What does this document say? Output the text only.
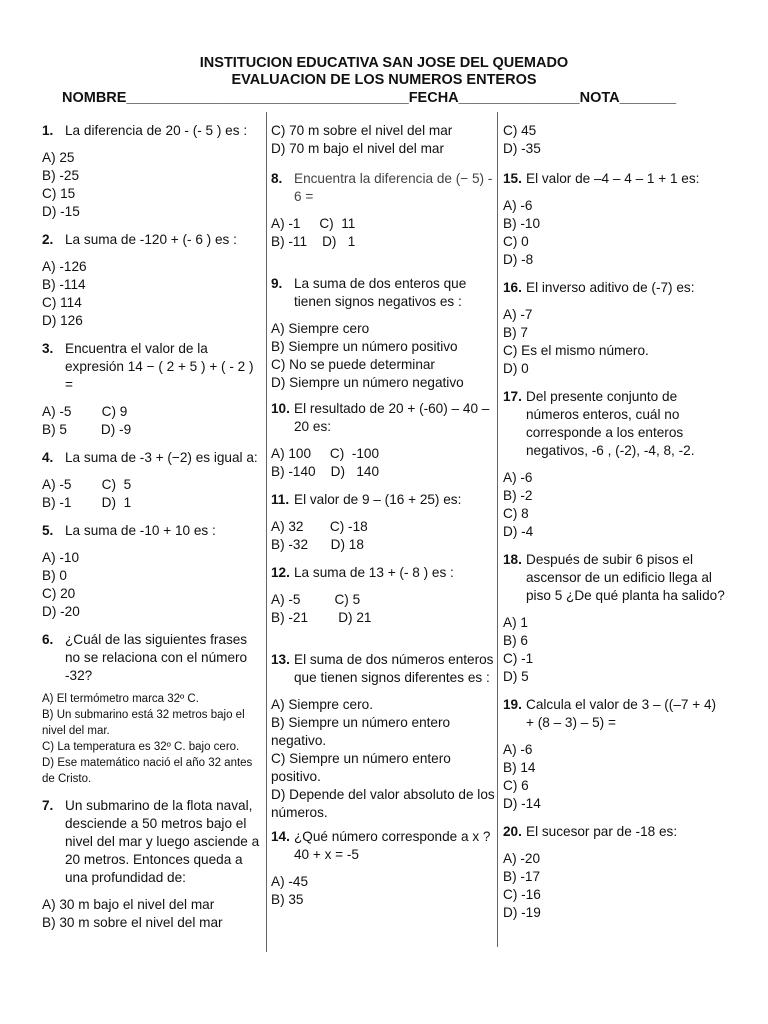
INSTITUCION EDUCATIVA SAN JOSE DEL QUEMADO
EVALUACION DE LOS NUMEROS ENTEROS
NOMBRE___________________________________FECHA_______________NOTA_______
1. La diferencia de 20 - (- 5 ) es :
A) 25
B) -25
C) 15
D) -15
2. La suma de -120 + (- 6 ) es :
A) -126
B) -114
C) 114
D) 126
3. Encuentra el valor de la expresión 14 − ( 2 + 5 ) + ( - 2 ) =
A) -5        C) 9
B) 5         D) -9
4. La suma de -3 + (−2) es igual a:
A) -5        C)  5
B) -1        D)  1
5. La suma de -10 + 10 es :
A) -10
B) 0
C) 20
D) -20
6. ¿Cuál de las siguientes frases no se relaciona con el número -32?
A) El termómetro marca 32º C.
B) Un submarino está 32 metros bajo el nivel del mar.
C) La temperatura es 32º C. bajo cero.
D) Ese matemático nació el año 32 antes de Cristo.
7. Un submarino de la flota naval, desciende a 50 metros bajo el nivel del mar y luego asciende a 20 metros. Entonces queda a una profundidad de:
A) 30 m bajo el nivel del mar
B) 30 m sobre el nivel del mar
C) 70 m sobre el nivel del mar
D) 70 m bajo el nivel del mar
8. Encuentra la diferencia de (− 5) - 6 =
A) -1     C)  11
B) -11    D)   1
9. La suma de dos enteros que tienen signos negativos es :
A) Siempre cero
B) Siempre un número positivo
C) No se puede determinar
D) Siempre un número negativo
10. El resultado de 20 + (-60) – 40 – 20 es:
A) 100     C)  -100
B) -140    D)   140
11. El valor de 9 – (16 + 25) es:
A) 32       C) -18
B) -32      D) 18
12. La suma de 13 + (- 8 ) es :
A) -5         C) 5
B) -21        D) 21
13. El suma de dos números enteros que tienen signos diferentes es :
A) Siempre cero.
B) Siempre un número entero negativo.
C) Siempre un número entero positivo.
D) Depende del valor absoluto de los números.
14. ¿Qué número corresponde a x ? 40 + x = -5
A) -45
B) 35
C) 45
D) -35
15. El valor de –4 – 4 – 1 + 1 es:
A) -6
B) -10
C) 0
D) -8
16. El inverso aditivo de (-7) es:
A) -7
B) 7
C) Es el mismo número.
D) 0
17. Del presente conjunto de números enteros, cuál no corresponde a los enteros negativos, -6 , (-2), -4, 8, -2.
A) -6
B) -2
C) 8
D) -4
18. Después de subir 6 pisos el ascensor de un edificio llega al piso 5 ¿De qué planta ha salido?
A) 1
B) 6
C) -1
D) 5
19. Calcula el valor de 3 – ((–7 + 4) + (8 – 3) – 5) =
A) -6
B) 14
C) 6
D) -14
20. El sucesor par de -18 es:
A) -20
B) -17
C) -16
D) -19
